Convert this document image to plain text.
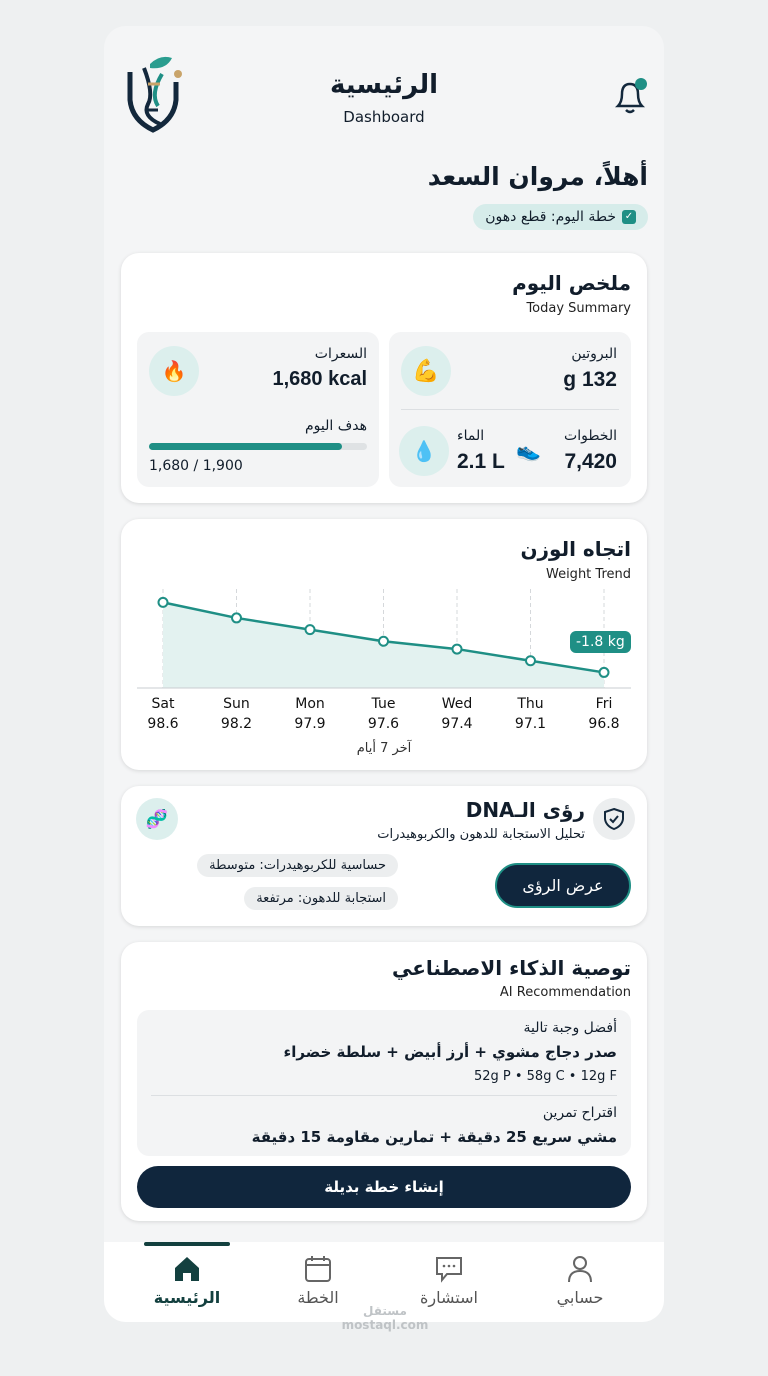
الرئيسية
Dashboard
أهلاً، مروان السعد
✓
خطة اليوم: قطع دهون
ملخص اليوم
Today Summary
البروتين
132 g
💪
الخطوات
7,420
👟
الماء
2.1 L
💧
السعرات
1,680 kcal
🔥
هدف اليوم
1,680 / 1,900
اتجاه الوزن
Weight Trend
Sat
98.6
Sun
98.2
Mon
97.9
Tue
97.6
Wed
97.4
Thu
97.1
Fri
96.8
-1.8 kg
آخر 7 أيام
رؤى الـDNA
تحليل الاستجابة للدهون والكربوهيدرات
🧬
حساسية للكربوهيدرات: متوسطة
استجابة للدهون: مرتفعة
عرض الرؤى
توصية الذكاء الاصطناعي
AI Recommendation
أفضل وجبة تالية
صدر دجاج مشوي + أرز أبيض + سلطة خضراء
52g P • 58g C • 12g F
اقتراح تمرين
مشي سريع 25 دقيقة + تمارين مقاومة 15 دقيقة
إنشاء خطة بديلة
الرئيسية	الخطة	استشارة	حسابي
مستقل mostaql.com
